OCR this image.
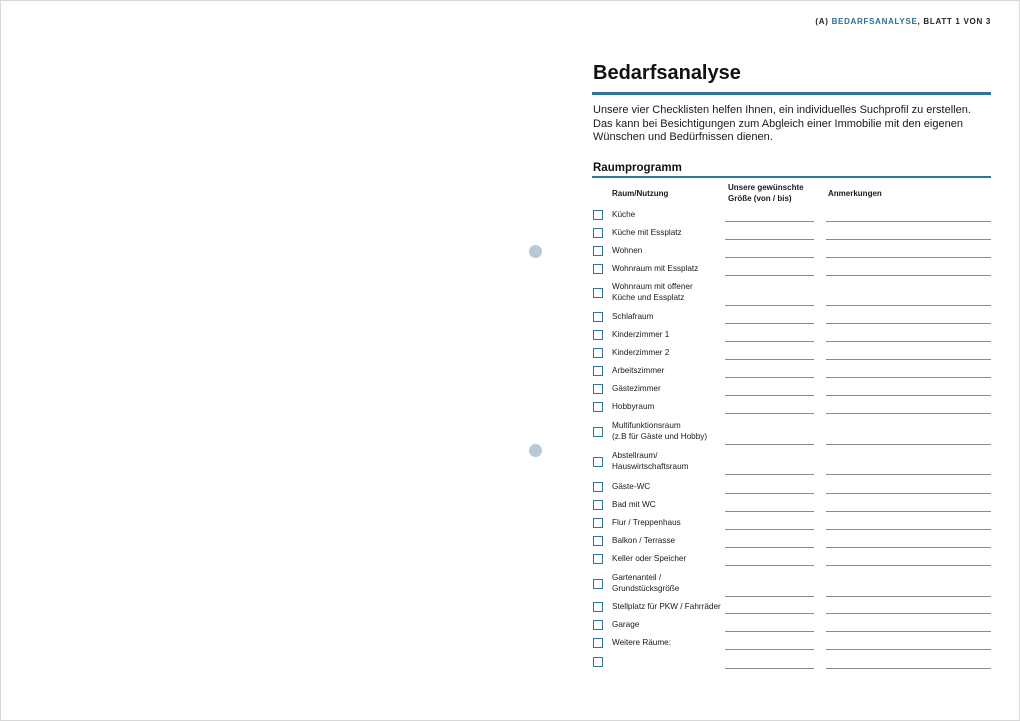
(A) BEDARFSANALYSE, BLATT 1 VON 3
Bedarfsanalyse
Unsere vier Checklisten helfen Ihnen, ein individuelles Suchprofil zu erstellen. Das kann bei Besichtigungen zum Abgleich einer Immobilie mit den eigenen Wünschen und Bedürfnissen dienen.
Raumprogramm
Raum/Nutzung
Unsere gewünschte
Größe (von / bis)
Anmerkungen
Küche
Küche mit Essplatz
Wohnen
Wohnraum mit Essplatz
Wohnraum mit offener
Küche und Essplatz
Schlafraum
Kinderzimmer 1
Kinderzimmer 2
Arbeitszimmer
Gästezimmer
Hobbyraum
Multifunktionsraum
(z.B für Gäste und Hobby)
Abstellraum/
Hauswirtschaftsraum
Gäste-WC
Bad mit WC
Flur / Treppenhaus
Balkon / Terrasse
Keller oder Speicher
Gartenanteil /
Grundstücksgröße
Stellplatz für PKW / Fahrräder
Garage
Weitere Räume:
